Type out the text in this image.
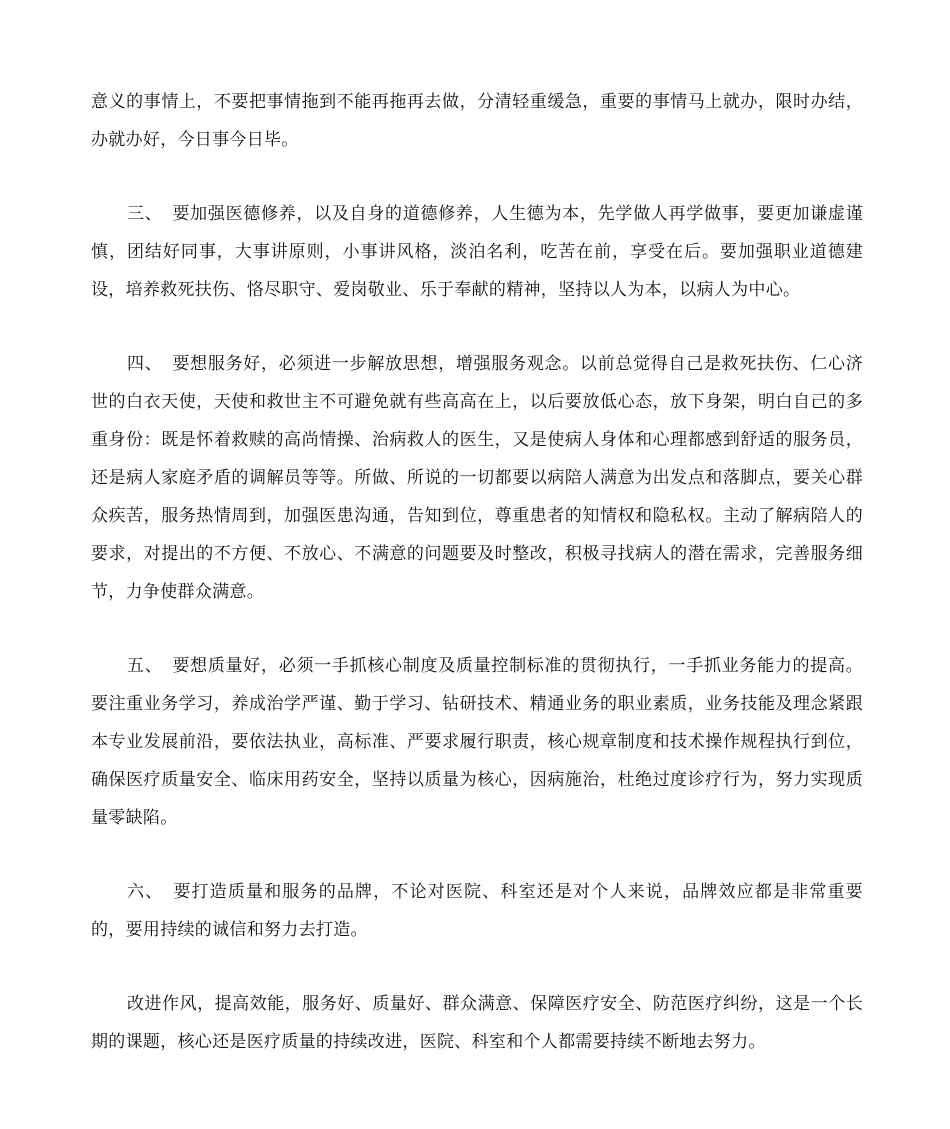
意义的事情上，不要把事情拖到不能再拖再去做，分清轻重缓急，重要的事情马上就办，限时办结，办就办好，今日事今日毕。

三、 要加强医德修养，以及自身的道德修养，人生德为本，先学做人再学做事，要更加谦虚谨慎，团结好同事，大事讲原则，小事讲风格，淡泊名利，吃苦在前，享受在后。要加强职业道德建设，培养救死扶伤、恪尽职守、爱岗敬业、乐于奉献的精神，坚持以人为本，以病人为中心。

四、 要想服务好，必须进一步解放思想，增强服务观念。以前总觉得自己是救死扶伤、仁心济世的白衣天使，天使和救世主不可避免就有些高高在上，以后要放低心态，放下身架，明白自己的多重身份：既是怀着救赎的高尚情操、治病救人的医生，又是使病人身体和心理都感到舒适的服务员，还是病人家庭矛盾的调解员等等。所做、所说的一切都要以病陪人满意为出发点和落脚点，要关心群众疾苦，服务热情周到，加强医患沟通，告知到位，尊重患者的知情权和隐私权。主动了解病陪人的要求，对提出的不方便、不放心、不满意的问题要及时整改，积极寻找病人的潜在需求，完善服务细节，力争使群众满意。

五、 要想质量好，必须一手抓核心制度及质量控制标准的贯彻执行，一手抓业务能力的提高。要注重业务学习，养成治学严谨、勤于学习、钻研技术、精通业务的职业素质，业务技能及理念紧跟本专业发展前沿，要依法执业，高标准、严要求履行职责，核心规章制度和技术操作规程执行到位，确保医疗质量安全、临床用药安全，坚持以质量为核心，因病施治，杜绝过度诊疗行为，努力实现质量零缺陷。

六、 要打造质量和服务的品牌，不论对医院、科室还是对个人来说，品牌效应都是非常重要的，要用持续的诚信和努力去打造。

改进作风，提高效能，服务好、质量好、群众满意、保障医疗安全、防范医疗纠纷，这是一个长期的课题，核心还是医疗质量的持续改进，医院、科室和个人都需要持续不断地去努力。
